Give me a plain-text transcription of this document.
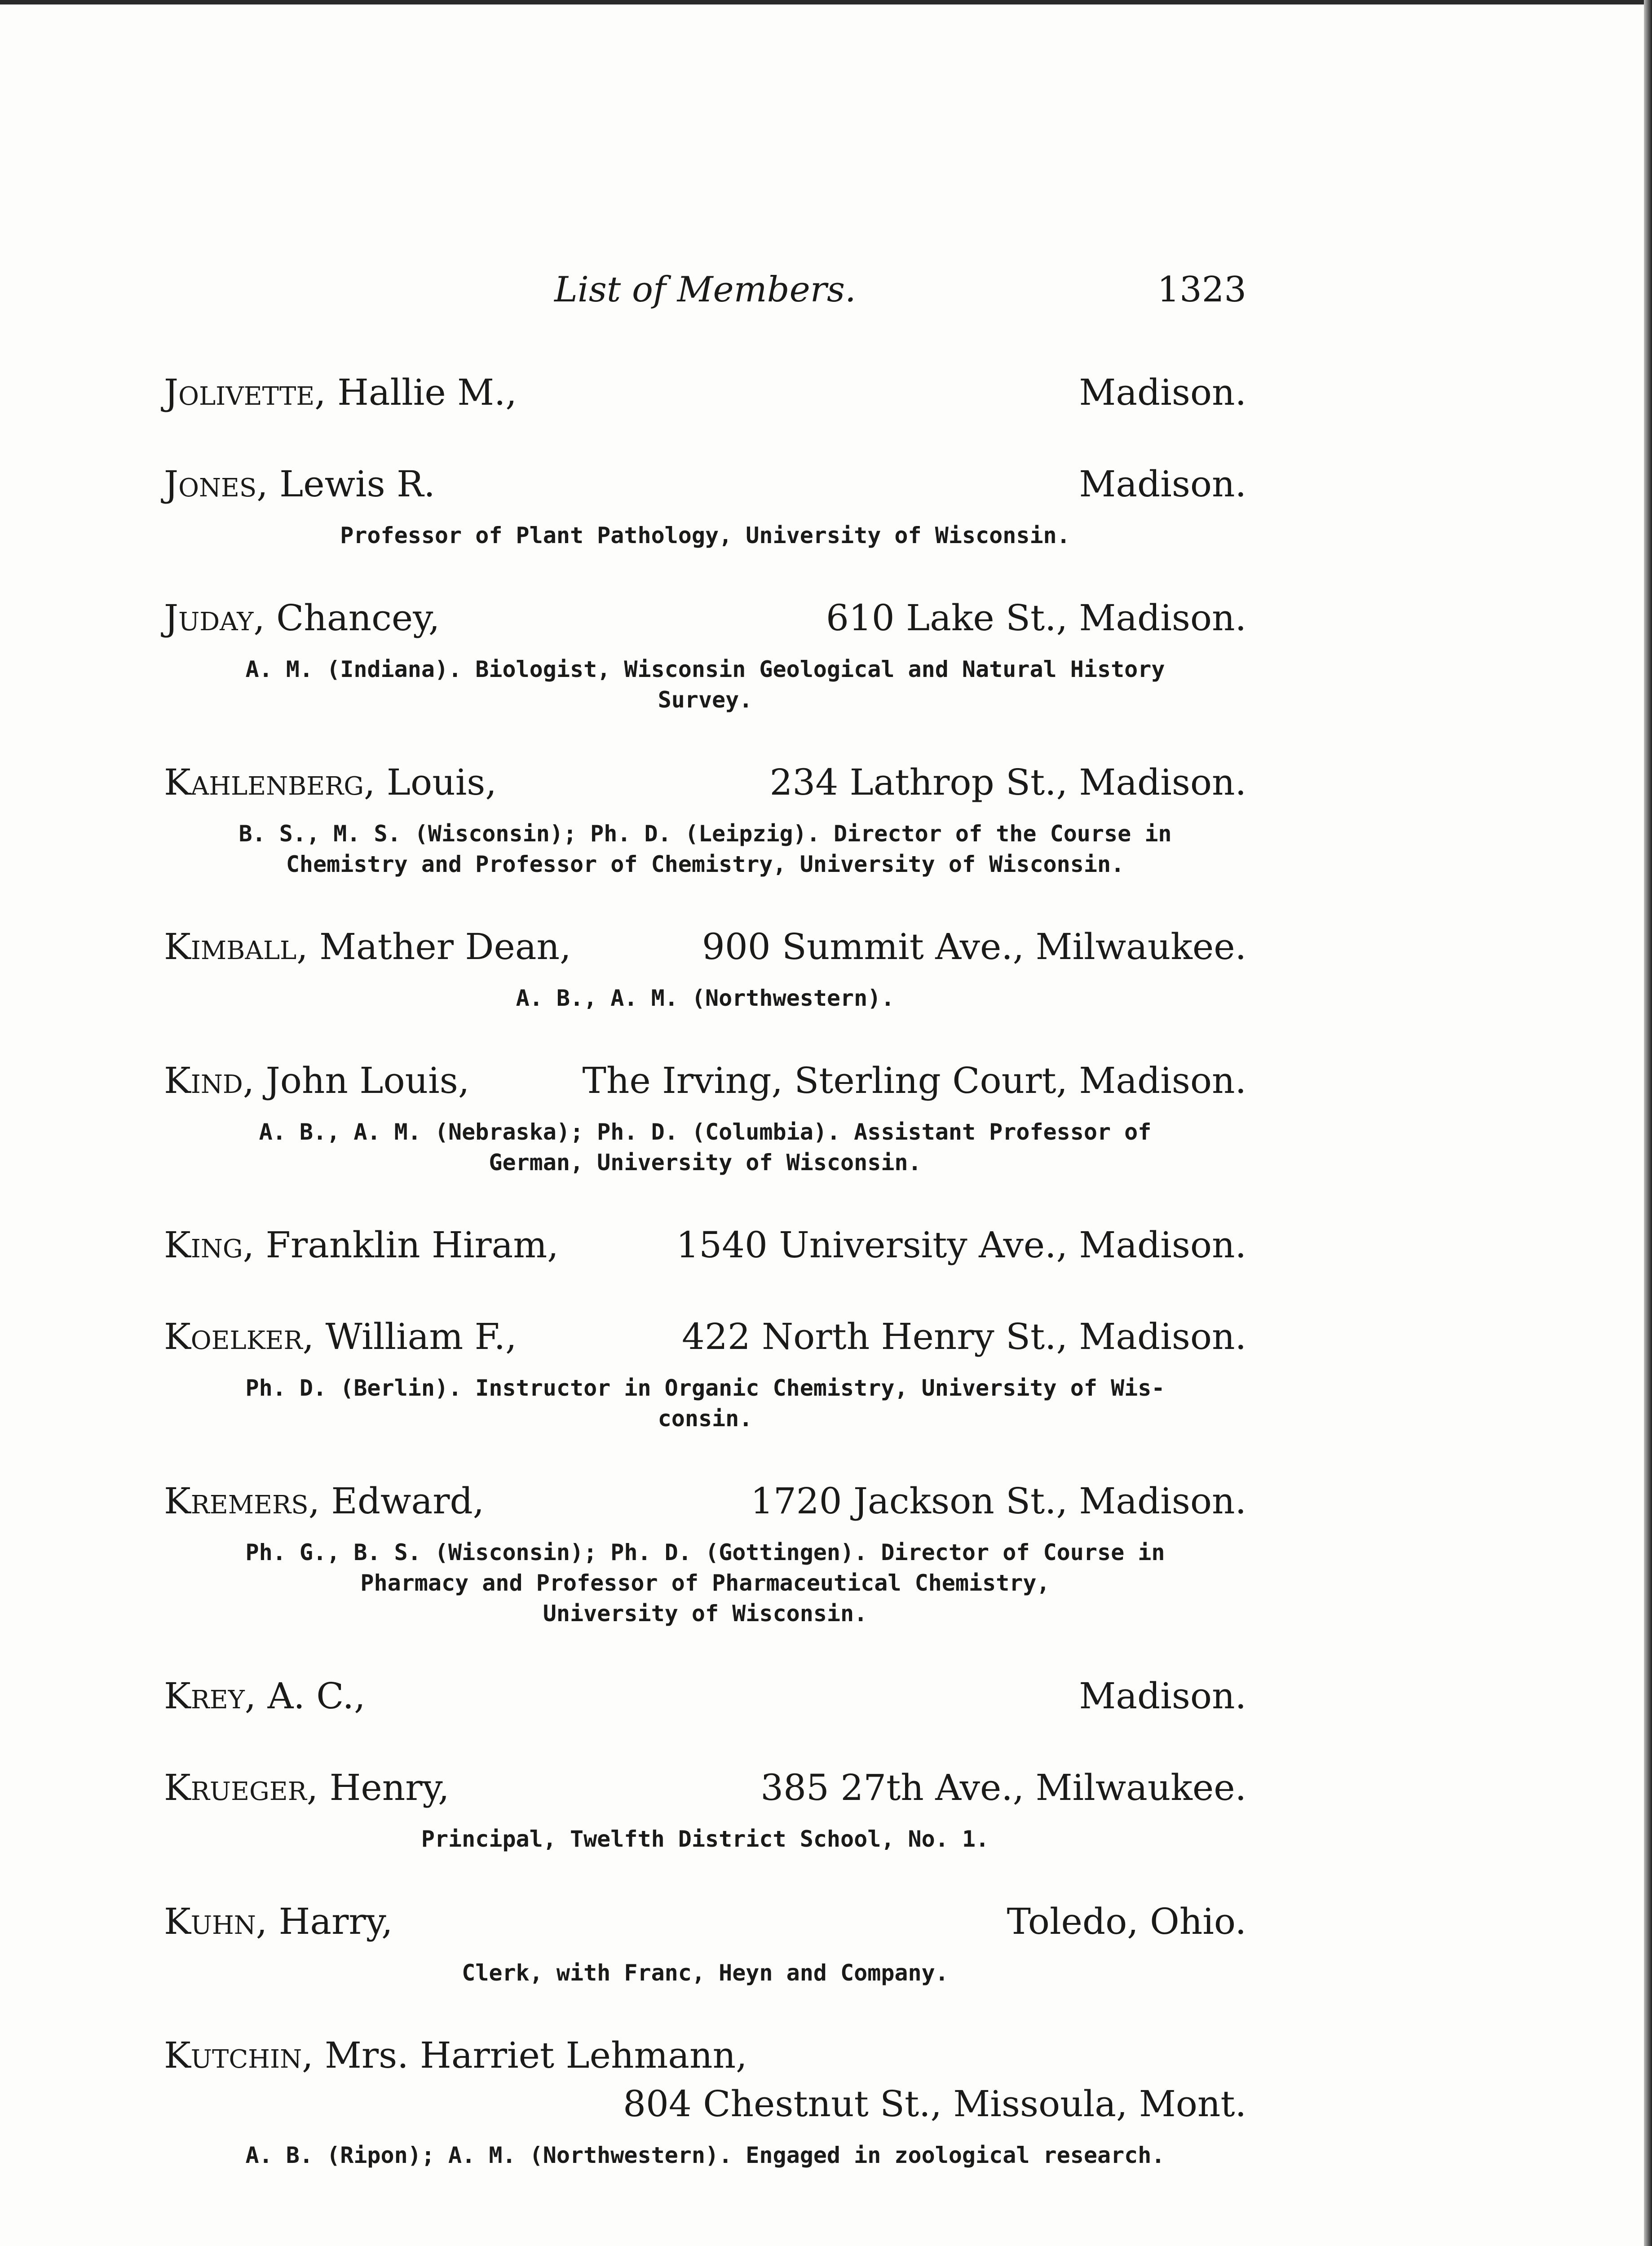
List of Members.	1323
Jolivette, Hallie M.,	Madison.
Jones, Lewis R.	Madison.
Professor of Plant Pathology, University of Wisconsin.
Juday, Chancey,	610 Lake St., Madison.
A. M. (Indiana). Biologist, Wisconsin Geological and Natural History
Survey.
Kahlenberg, Louis,	234 Lathrop St., Madison.
B. S., M. S. (Wisconsin); Ph. D. (Leipzig). Director of the Course in
Chemistry and Professor of Chemistry, University of Wisconsin.
Kimball, Mather Dean,	900 Summit Ave., Milwaukee.
A. B., A. M. (Northwestern).
Kind, John Louis,	The Irving, Sterling Court, Madison.
A. B., A. M. (Nebraska); Ph. D. (Columbia). Assistant Professor of
German, University of Wisconsin.
King, Franklin Hiram,	1540 University Ave., Madison.
Koelker, William F.,	422 North Henry St., Madison.
Ph. D. (Berlin). Instructor in Organic Chemistry, University of Wis-
consin.
Kremers, Edward,	1720 Jackson St., Madison.
Ph. G., B. S. (Wisconsin); Ph. D. (Gottingen). Director of Course in
Pharmacy and Professor of Pharmaceutical Chemistry,
University of Wisconsin.
Krey, A. C.,	Madison.
Krueger, Henry,	385 27th Ave., Milwaukee.
Principal, Twelfth District School, No. 1.
Kuhn, Harry,	Toledo, Ohio.
Clerk, with Franc, Heyn and Company.
Kutchin, Mrs. Harriet Lehmann,
804 Chestnut St., Missoula, Mont.
A. B. (Ripon); A. M. (Northwestern). Engaged in zoological research.
